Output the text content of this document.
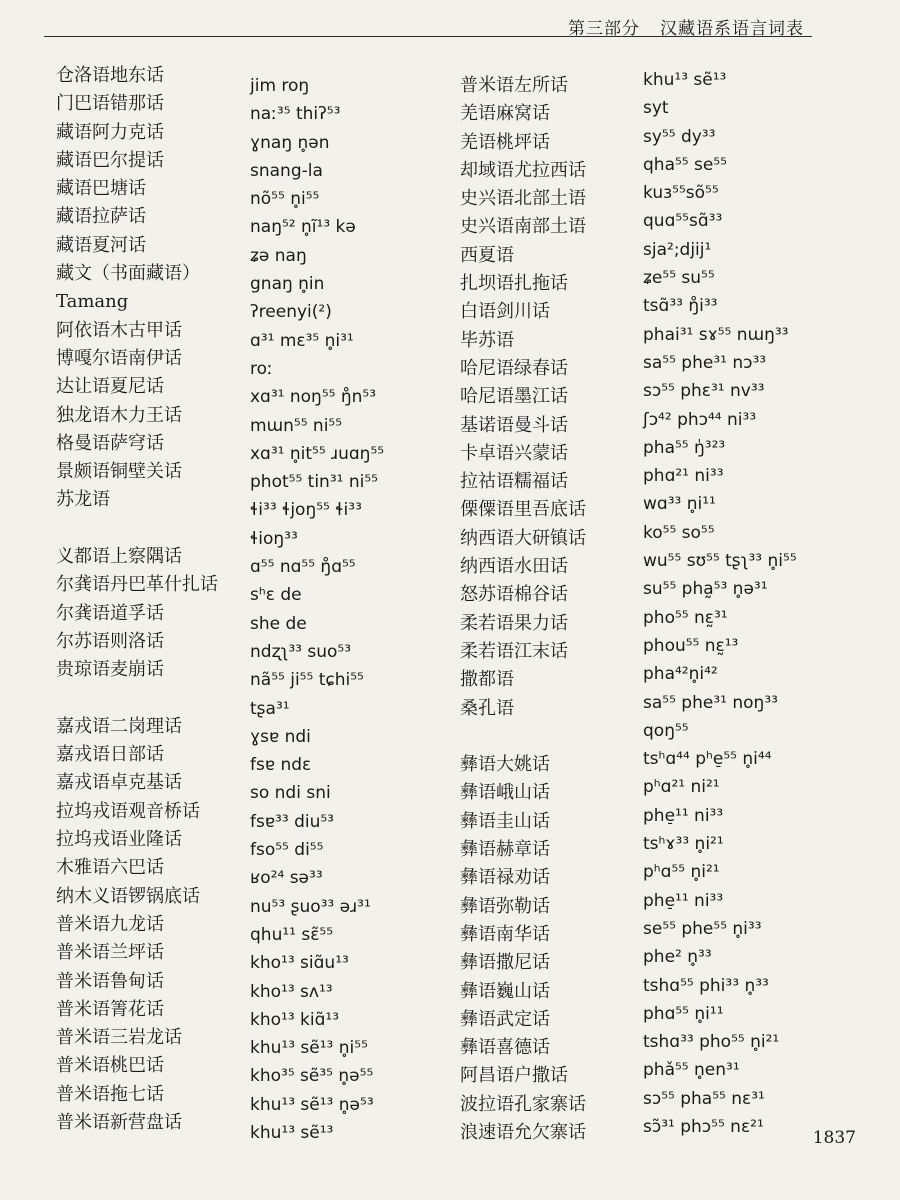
第三部分 汉藏语系语言词表
仓洛语地东话
门巴语错那话
藏语阿力克话
藏语巴尔提话
藏语巴塘话
藏语拉萨话
藏语夏河话
藏文（书面藏语）
Tamang
阿依语木古甲话
博嘎尔语南伊话
达让语夏尼话
独龙语木力王话
格曼语萨穹话
景颇语铜壁关话
苏龙语
义都语上察隅话
尔龚语丹巴革什扎话
尔龚语道孚话
尔苏语则洛话
贵琼语麦崩话
嘉戎语二岗理话
嘉戎语日部话
嘉戎语卓克基话
拉坞戎语观音桥话
拉坞戎语业隆话
木雅语六巴话
纳木义语锣锅底话
普米语九龙话
普米语兰坪话
普米语鲁甸话
普米语箐花话
普米语三岩龙话
普米语桃巴话
普米语拖七话
普米语新营盘话
jim roŋ
naː³⁵ thiʔ⁵³
ɣnaŋ n̥ən
snang-la
nõ⁵⁵ n̥i⁵⁵
naŋ⁵² n̥ĩ¹³ kə
ʑə naŋ
gnaŋ n̥in
ʔreenyi(²)
ɑ³¹ mɛ³⁵ n̥i³¹
roː
xɑ³¹ noŋ⁵⁵ ŋ̊n⁵³
mɯn⁵⁵ ni⁵⁵
xɑ³¹ n̥it⁵⁵ ɹuɑŋ⁵⁵
phot⁵⁵ tin³¹ ni⁵⁵
ɬi³³ ɬjoŋ⁵⁵ ɬi³³
ɬioŋ³³
ɑ⁵⁵ nɑ⁵⁵ ŋ̊ɑ⁵⁵
sʰɛ de
she de
ndʐʅ³³ suo⁵³
nã⁵⁵ ji⁵⁵ tɕhi⁵⁵
tʂa³¹
ɣsɐ ndi
fsɐ ndɛ
so ndi sni
fsɐ³³ diu⁵³
fso⁵⁵ di⁵⁵
ʁo²⁴ sə³³
nu⁵³ ʂuo³³ əɹ³¹
qhu¹¹ sɛ̃⁵⁵
kho¹³ siɑ̃u¹³
kho¹³ sʌ¹³
kho¹³ kiɑ̃¹³
khu¹³ sẽ¹³ n̥i⁵⁵
kho³⁵ sẽ³⁵ n̥ə⁵⁵
khu¹³ sẽ¹³ n̥ə⁵³
khu¹³ sẽ¹³
普米语左所话
羌语麻窝话
羌语桃坪话
却域语尤拉西话
史兴语北部土语
史兴语南部土语
西夏语
扎坝语扎拖话
白语剑川话
毕苏语
哈尼语绿春话
哈尼语墨江话
基诺语曼斗话
卡卓语兴蒙话
拉祜语糯福话
傈僳语里吾底话
纳西语大研镇话
纳西语水田话
怒苏语棉谷话
柔若语果力话
柔若语江末话
撒都语
桑孔语
彝语大姚话
彝语峨山话
彝语圭山话
彝语赫章话
彝语禄劝话
彝语弥勒话
彝语南华话
彝语撒尼话
彝语巍山话
彝语武定话
彝语喜德话
阿昌语户撒话
波拉语孔家寨话
浪速语允欠寨话
khu¹³ sẽ¹³
syt
sy⁵⁵ dy³³
qha⁵⁵ se⁵⁵
kuɜ⁵⁵sõ⁵⁵
quɑ⁵⁵sɑ̃³³
sja²;djij¹
ʑe⁵⁵ su⁵⁵
tsɑ̃³³ ŋ̊i³³
phai³¹ sɤ⁵⁵ nɯŋ³³
sa⁵⁵ phe³¹ nɔ³³
sɔ⁵⁵ phɛ³¹ nv³³
ʃɔ⁴² phɔ⁴⁴ ni³³
pha⁵⁵ ŋ̍³²³
phɑ²¹ ni³³
wɑ³³ n̥i¹¹
ko⁵⁵ so⁵⁵
wu⁵⁵ sʊ⁵⁵ tʂʅ³³ n̥i⁵⁵
su⁵⁵ pha̰⁵³ n̥ə³¹
pho⁵⁵ nɛ̰³¹
phou⁵⁵ nɛ̰¹³
pha⁴²n̥i⁴²
sa⁵⁵ phe³¹ noŋ³³
qoŋ⁵⁵
tsʰɑ⁴⁴ pʰe̠⁵⁵ n̥i⁴⁴
pʰɑ²¹ ni²¹
phe̠¹¹ ni³³
tsʰɤ³³ n̥i²¹
pʰɑ⁵⁵ n̥i²¹
phe̠¹¹ ni³³
se⁵⁵ phe⁵⁵ n̥i³³
phe² n̥³³
tshɑ⁵⁵ phi³³ n̥³³
phɑ⁵⁵ n̥i¹¹
tshɑ³³ pho⁵⁵ n̥i²¹
phǎ⁵⁵ n̥en³¹
sɔ⁵⁵ pha⁵⁵ nɛ³¹
sɔ̃³¹ phɔ⁵⁵ nɛ²¹
1837
